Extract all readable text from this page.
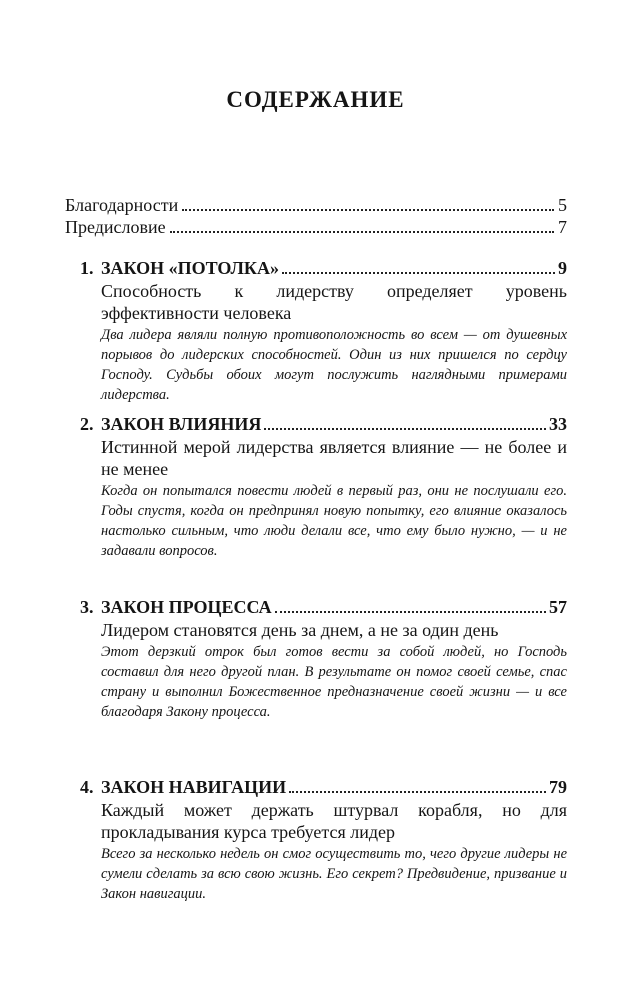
СОДЕРЖАНИЕ
Благодарности	5
Предисловие	7
1. ЗАКОН «ПОТОЛКА»	9
Способность к лидерству определяет уровень эффективности человека
Два лидера являли полную противоположность во всем — от душевных порывов до лидерских способностей. Один из них пришелся по сердцу Господу. Судьбы обоих могут послужить наглядными примерами лидерства.
2. ЗАКОН ВЛИЯНИЯ	33
Истинной мерой лидерства является влияние — не более и не менее
Когда он попытался повести людей в первый раз, они не послушали его. Годы спустя, когда он предпринял новую попытку, его влияние оказалось настолько сильным, что люди делали все, что ему было нужно, — и не задавали вопросов.
3. ЗАКОН ПРОЦЕССА	57
Лидером становятся день за днем, а не за один день
Этот дерзкий отрок был готов вести за собой людей, но Господь составил для него другой план. В результате он помог своей семье, спас страну и выполнил Божественное предназначение своей жизни — и все благодаря Закону процесса.
4. ЗАКОН НАВИГАЦИИ	79
Каждый может держать штурвал корабля, но для прокладывания курса требуется лидер
Всего за несколько недель он смог осуществить то, чего другие лидеры не сумели сделать за всю свою жизнь. Его секрет? Предвидение, призвание и Закон навигации.
